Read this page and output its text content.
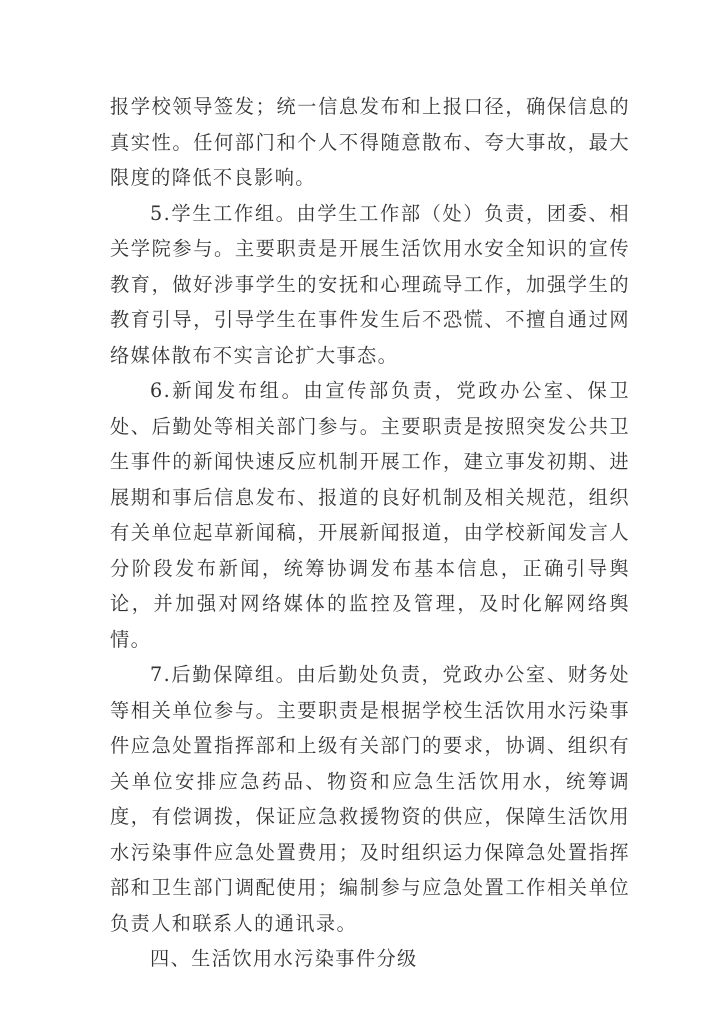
报学校领导签发；统一信息发布和上报口径，确保信息的真实性。任何部门和个人不得随意散布、夸大事故，最大限度的降低不良影响。

5.学生工作组。由学生工作部（处）负责，团委、相关学院参与。主要职责是开展生活饮用水安全知识的宣传教育，做好涉事学生的安抚和心理疏导工作，加强学生的教育引导，引导学生在事件发生后不恐慌、不擅自通过网络媒体散布不实言论扩大事态。

6.新闻发布组。由宣传部负责，党政办公室、保卫处、后勤处等相关部门参与。主要职责是按照突发公共卫生事件的新闻快速反应机制开展工作，建立事发初期、进展期和事后信息发布、报道的良好机制及相关规范，组织有关单位起草新闻稿，开展新闻报道，由学校新闻发言人分阶段发布新闻，统筹协调发布基本信息，正确引导舆论，并加强对网络媒体的监控及管理，及时化解网络舆情。

7.后勤保障组。由后勤处负责，党政办公室、财务处等相关单位参与。主要职责是根据学校生活饮用水污染事件应急处置指挥部和上级有关部门的要求，协调、组织有关单位安排应急药品、物资和应急生活饮用水，统筹调度，有偿调拨，保证应急救援物资的供应，保障生活饮用水污染事件应急处置费用；及时组织运力保障急处置指挥部和卫生部门调配使用；编制参与应急处置工作相关单位负责人和联系人的通讯录。

四、生活饮用水污染事件分级
